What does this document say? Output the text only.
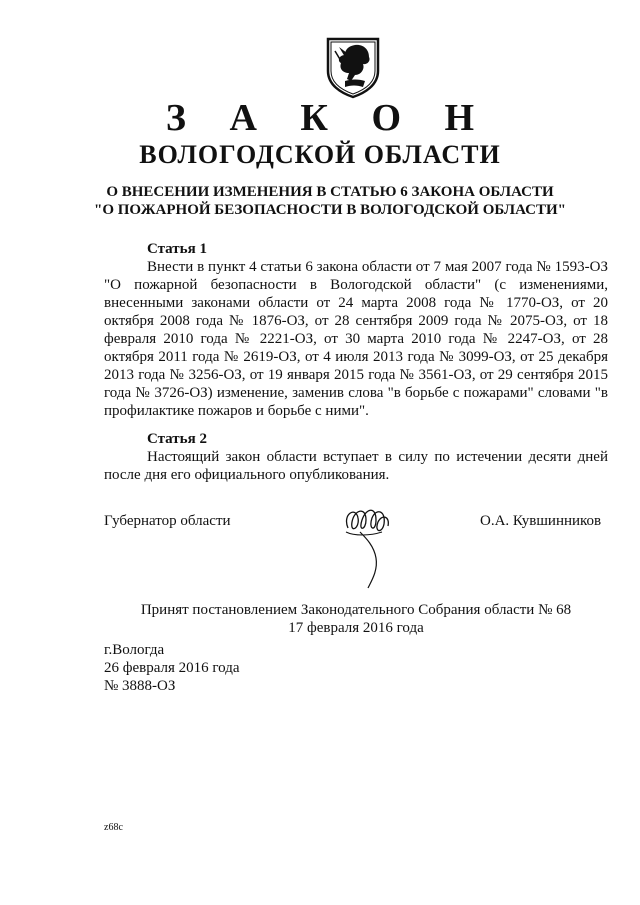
З А К О Н
ВОЛОГОДСКОЙ ОБЛАСТИ
О ВНЕСЕНИИ ИЗМЕНЕНИЯ В СТАТЬЮ 6 ЗАКОНА ОБЛАСТИ
"О ПОЖАРНОЙ БЕЗОПАСНОСТИ В ВОЛОГОДСКОЙ ОБЛАСТИ"
Статья 1

Внести в пункт 4 статьи 6 закона области от 7 мая 2007 года № 1593-ОЗ "О пожарной безопасности в Вологодской области" (с изменениями, внесенными законами области от 24 марта 2008 года № 1770-ОЗ, от 20 октября 2008 года № 1876-ОЗ, от 28 сентября 2009 года № 2075-ОЗ, от 18 февраля 2010 года № 2221-ОЗ, от 30 марта 2010 года № 2247-ОЗ, от 28 октября 2011 года № 2619-ОЗ, от 4 июля 2013 года № 3099-ОЗ, от 25 декабря 2013 года № 3256-ОЗ, от 19 января 2015 года № 3561-ОЗ, от 29 сентября 2015 года № 3726-ОЗ) изменение, заменив слова "в борьбе с пожарами" словами "в профилактике пожаров и борьбе с ними".

Статья 2

Настоящий закон области вступает в силу по истечении десяти дней после дня его официального опубликования.

Губернатор области	О.А. Кувшинников
Принят постановлением Законодательного Собрания области № 68
17 февраля 2016 года
г.Вологда
26 февраля 2016 года
№ 3888-ОЗ
z68c
